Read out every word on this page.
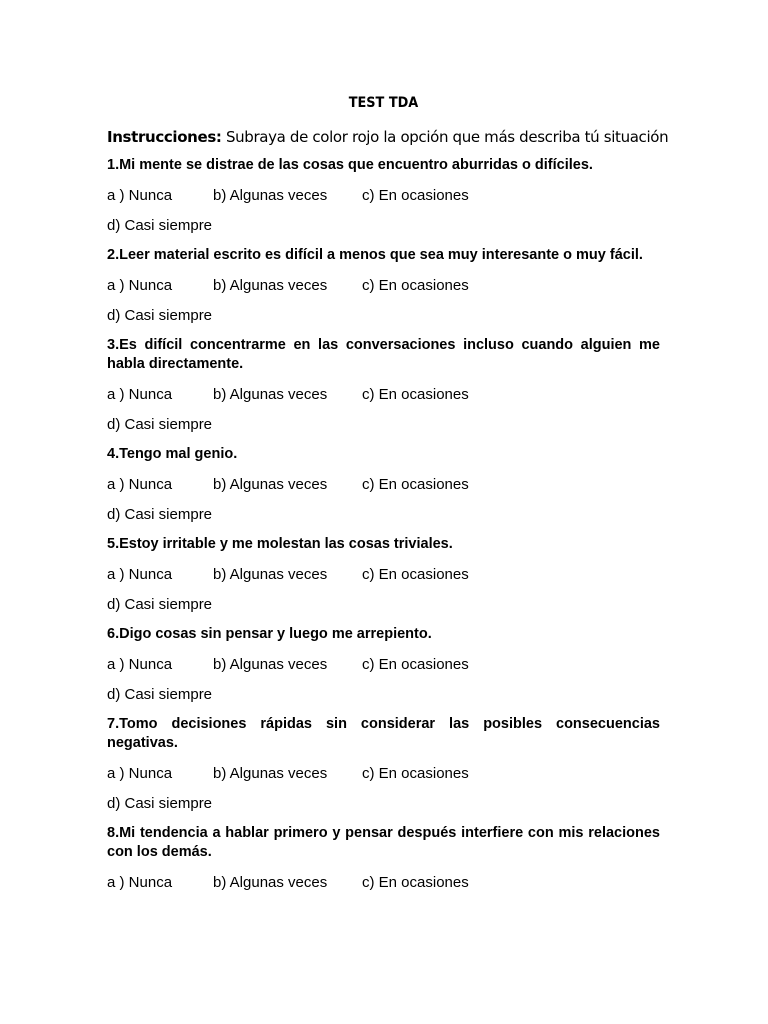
TEST TDA
Instrucciones: Subraya de color rojo la opción que más describa tú situación
1.Mi mente se distrae de las cosas que encuentro aburridas o difíciles.
a ) Nunca	b) Algunas veces c) En ocasiones
d) Casi siempre
2.Leer material escrito es difícil a menos que sea muy interesante o muy fácil.
a ) Nunca	b) Algunas veces c) En ocasiones
d) Casi siempre
3.Es difícil concentrarme en las conversaciones incluso cuando alguien me habla directamente.
a ) Nunca	b) Algunas veces c) En ocasiones
d) Casi siempre
4.Tengo mal genio.
a ) Nunca	b) Algunas veces c) En ocasiones
d) Casi siempre
5.Estoy irritable y me molestan las cosas triviales.
a ) Nunca	b) Algunas veces c) En ocasiones
d) Casi siempre
6.Digo cosas sin pensar y luego me arrepiento.
a ) Nunca	b) Algunas veces c) En ocasiones
d) Casi siempre
7.Tomo decisiones rápidas sin considerar las posibles consecuencias negativas.
a ) Nunca	b) Algunas veces c) En ocasiones
d) Casi siempre
8.Mi tendencia a hablar primero y pensar después interfiere con mis relaciones con los demás.
a ) Nunca	b) Algunas veces c) En ocasiones
